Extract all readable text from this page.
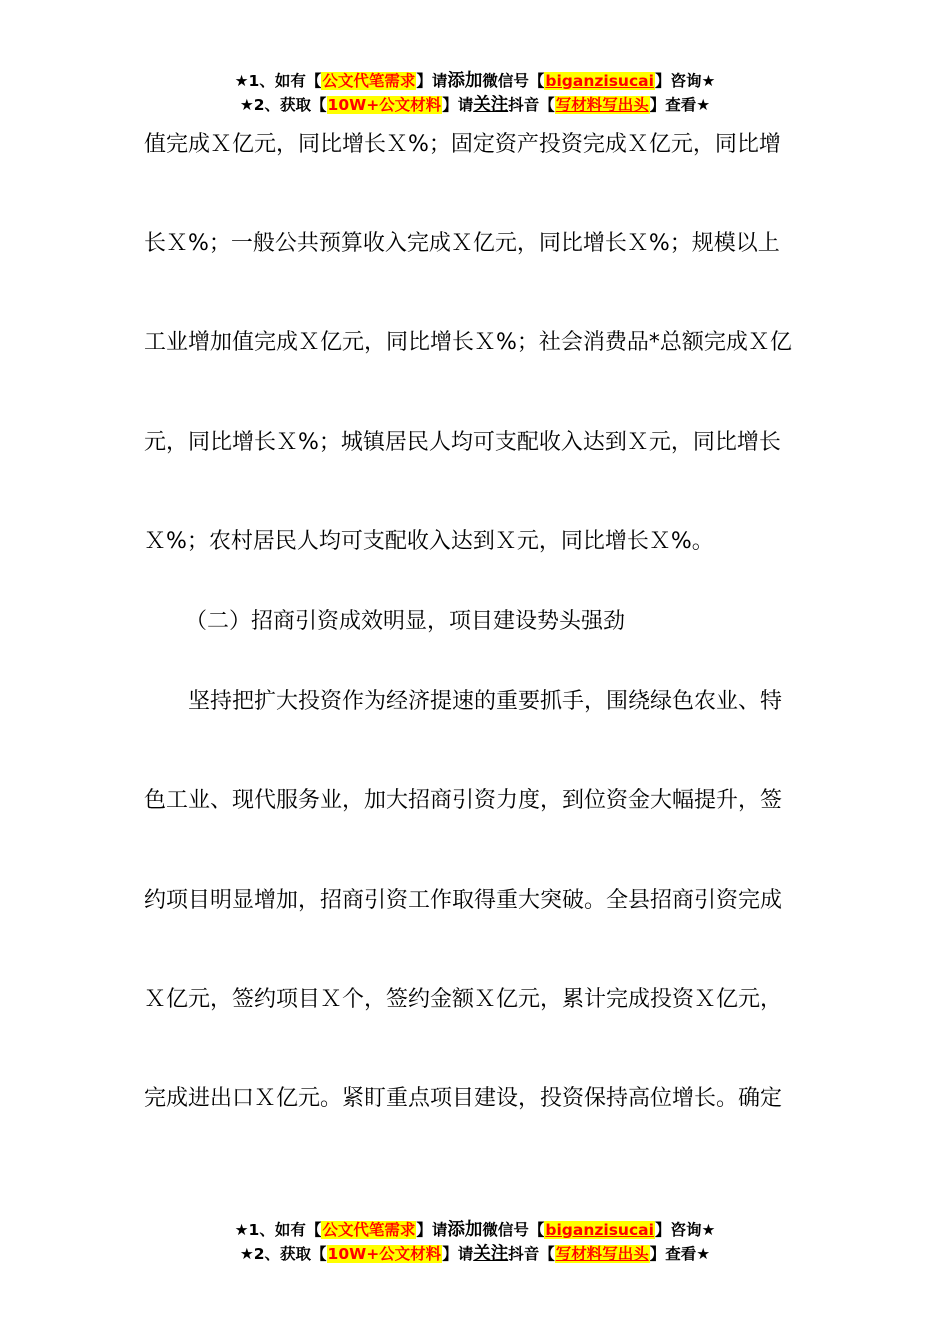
★1、如有【公文代笔需求】请添加微信号【biganzisucai】咨询★
★2、获取【10W+公文材料】请关注抖音【写材料写出头】查看★
值完成Ｘ亿元，同比增长Ｘ%；固定资产投资完成Ｘ亿元，同比增
长Ｘ%；一般公共预算收入完成Ｘ亿元，同比增长Ｘ%；规模以上
工业增加值完成Ｘ亿元，同比增长Ｘ%；社会消费品*总额完成Ｘ亿
元，同比增长Ｘ%；城镇居民人均可支配收入达到Ｘ元，同比增长
Ｘ%；农村居民人均可支配收入达到Ｘ元，同比增长Ｘ%。
（二）招商引资成效明显，项目建设势头强劲
坚持把扩大投资作为经济提速的重要抓手，围绕绿色农业、特
色工业、现代服务业，加大招商引资力度，到位资金大幅提升，签
约项目明显增加，招商引资工作取得重大突破。全县招商引资完成
Ｘ亿元，签约项目Ｘ个，签约金额Ｘ亿元，累计完成投资Ｘ亿元，
完成进出口Ｘ亿元。紧盯重点项目建设，投资保持高位增长。确定
★1、如有【公文代笔需求】请添加微信号【biganzisucai】咨询★
★2、获取【10W+公文材料】请关注抖音【写材料写出头】查看★
